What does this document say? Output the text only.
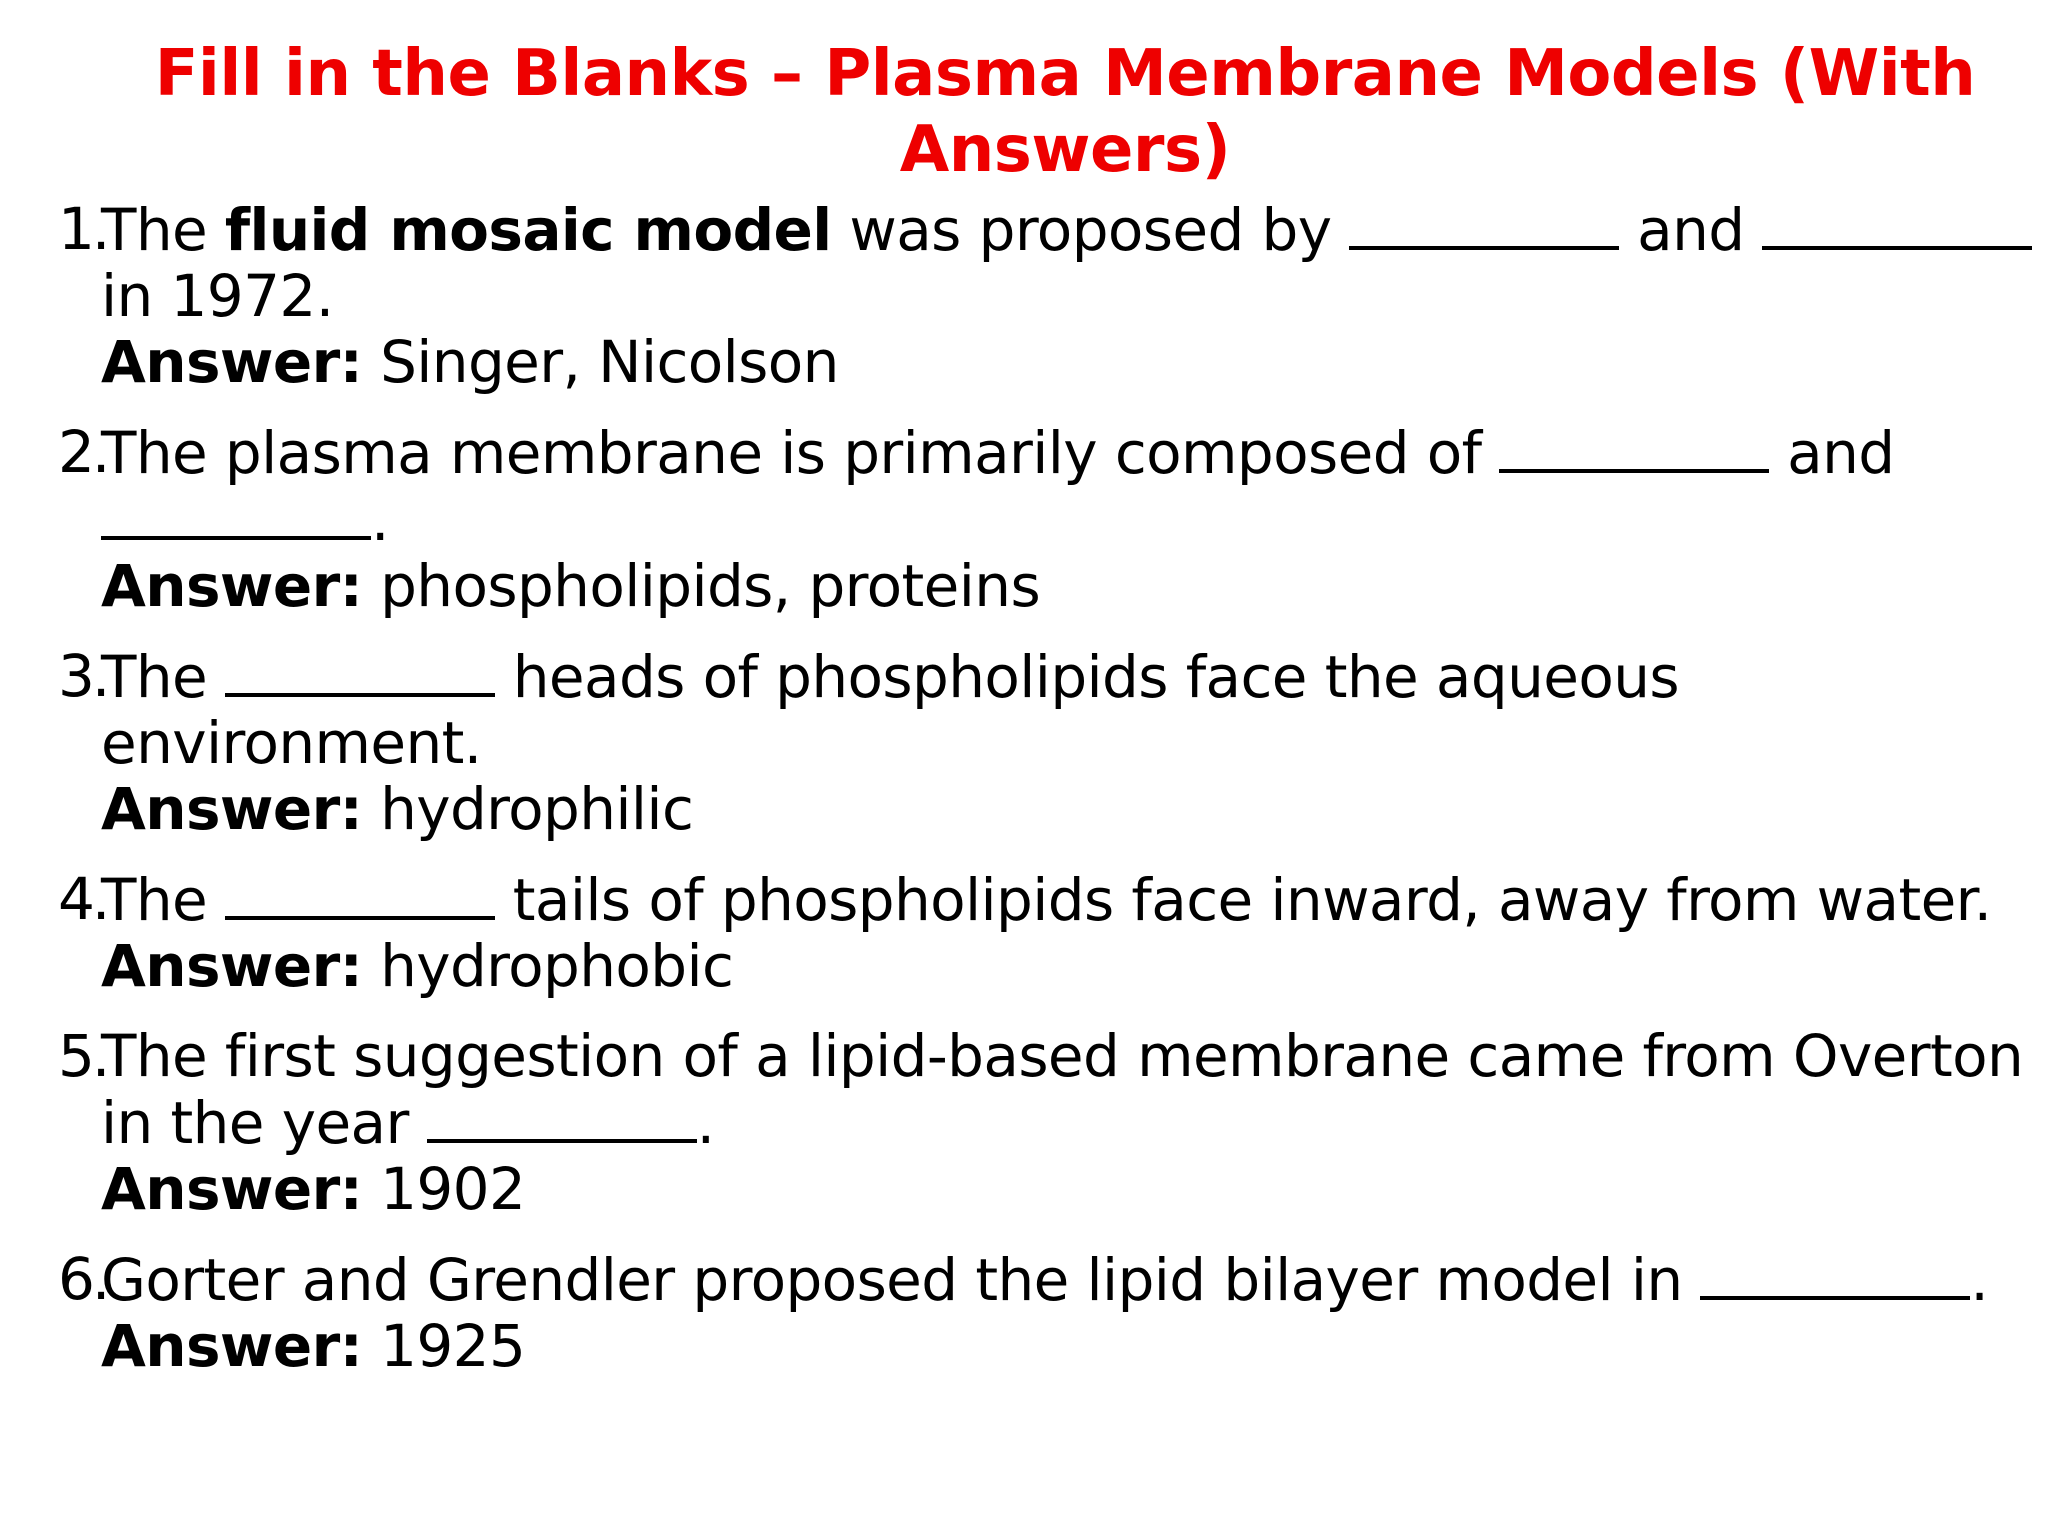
Fill in the Blanks – Plasma Membrane Models (With Answers)
1.
The fluid mosaic model was proposed by	and  in 1972.
Answer: Singer, Nicolson
2.
The plasma membrane is primarily composed of	and .
Answer: phospholipids, proteins
3.
The	heads of phospholipids face the aqueous environment.
Answer: hydrophilic
4.
The	tails of phospholipids face inward, away from water.
Answer: hydrophobic
5.
The first suggestion of a lipid-based membrane came from Overton in the year	.
Answer: 1902
6.
Gorter and Grendler proposed the lipid bilayer model in	.
Answer: 1925
